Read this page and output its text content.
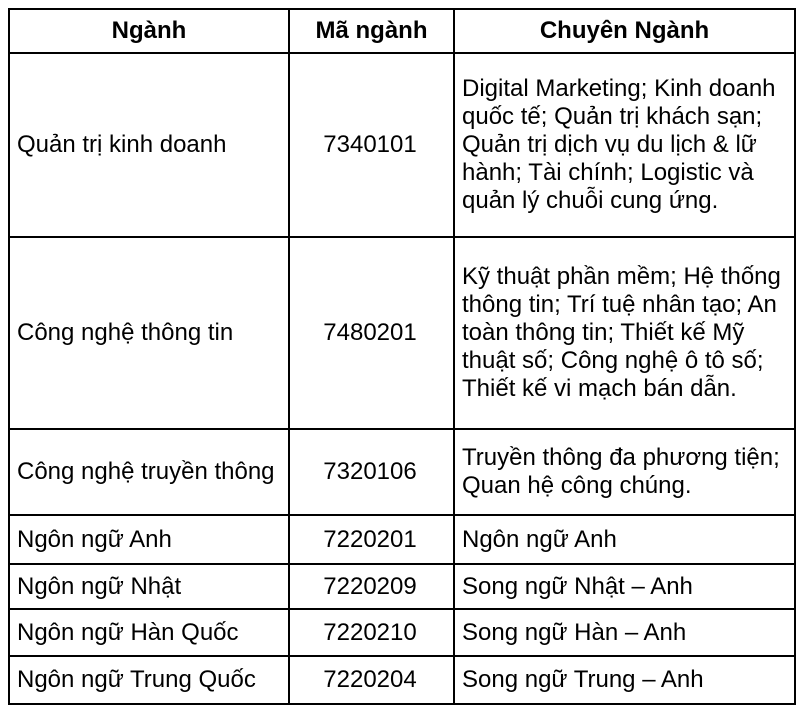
Ngành	Mã ngành	Chuyên Ngành
Quản trị kinh doanh	7340101	Digital Marketing; Kinh doanh quốc tế; Quản trị khách sạn; Quản trị dịch vụ du lịch & lữ hành; Tài chính; Logistic và quản lý chuỗi cung ứng.
Công nghệ thông tin	7480201	Kỹ thuật phần mềm; Hệ thống thông tin; Trí tuệ nhân tạo; An toàn thông tin; Thiết kế Mỹ thuật số; Công nghệ ô tô số; Thiết kế vi mạch bán dẫn.
Công nghệ truyền thông	7320106	Truyền thông đa phương tiện; Quan hệ công chúng.
Ngôn ngữ Anh	7220201	Ngôn ngữ Anh
Ngôn ngữ Nhật	7220209	Song ngữ Nhật – Anh
Ngôn ngữ Hàn Quốc	7220210	Song ngữ Hàn – Anh
Ngôn ngữ Trung Quốc	7220204	Song ngữ Trung – Anh
